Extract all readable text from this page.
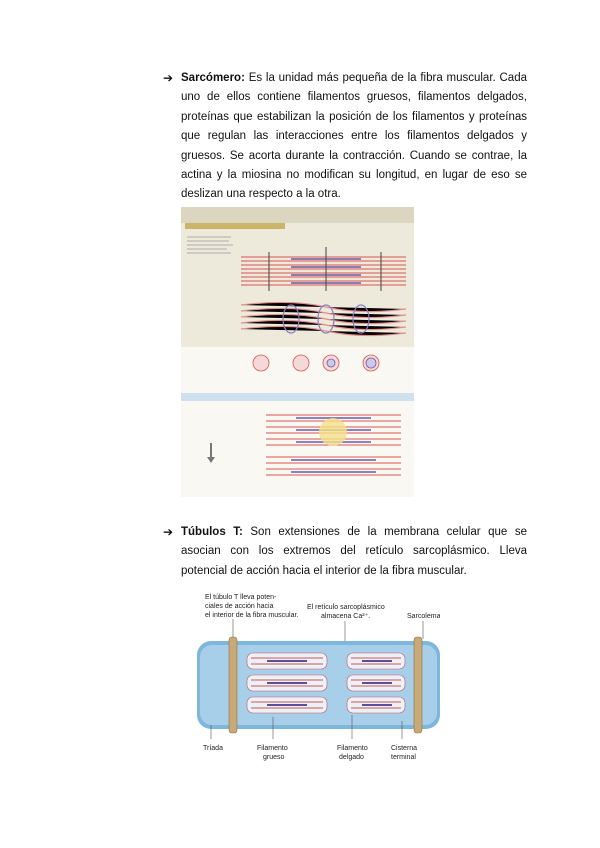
➔ Sarcómero: Es la unidad más pequeña de la fibra muscular. Cada uno de ellos contiene filamentos gruesos, filamentos delgados, proteínas que estabilizan la posición de los filamentos y proteínas que regulan las interacciones entre los filamentos delgados y gruesos. Se acorta durante la contracción. Cuando se contrae, la actina y la miosina no modifican su longitud, en lugar de eso se deslizan una respecto a la otra.
➔ Túbulos T: Son extensiones de la membrana celular que se asocian con los extremos del retículo sarcoplásmico. Lleva potencial de acción hacia el interior de la fibra muscular.
El túbulo T lleva poten-
ciales de acción hacia
el interior de la fibra muscular.
El retículo sarcoplásmico
almacena Ca²⁺.	Sarcolema
Tríada	Filamento
grueso
Filamento
delgado
Cisterna
terminal
